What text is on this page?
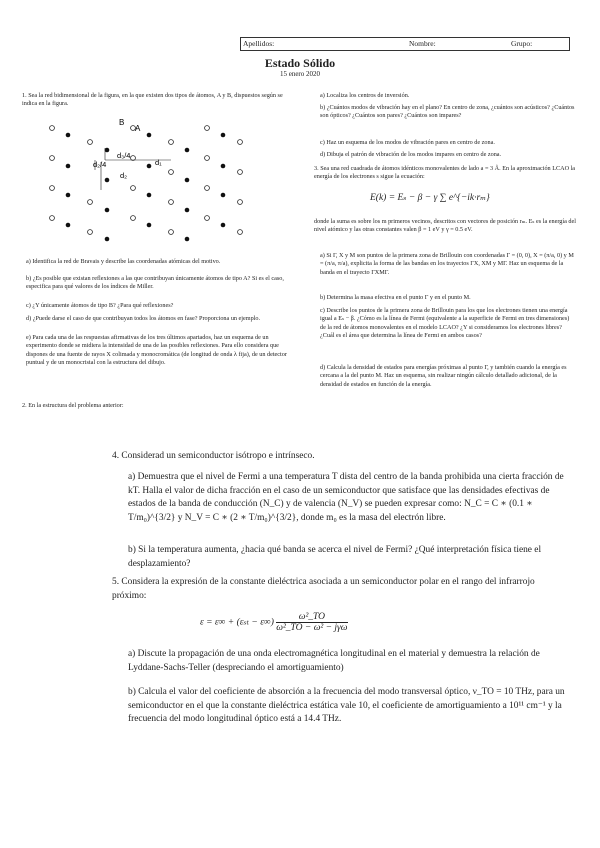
Apellidos:	Nombre:	Grupo:
Estado Sólido
15 enero 2020

1. Sea la red bidimensional de la figura, en la que existen dos tipos de átomos, A y B, dispuestos según se indica en la figura.

B
A
d₃/4
d₂/4	d₁
d₂

a) Identifica la red de Bravais y describe las coordenadas atómicas del motivo.

b) ¿Es posible que existan reflexiones a las que contribuyan únicamente átomos de tipo A? Si es el caso, especifica para qué valores de los índices de Miller.

c) ¿Y únicamente átomos de tipo B? ¿Para qué reflexiones?

d) ¿Puede darse el caso de que contribuyan todos los átomos en fase? Proporciona un ejemplo.

e) Para cada una de las respuestas afirmativas de los tres últimos apartados, haz un esquema de un experimento donde se midiera la intensidad de una de las posibles reflexiones. Para ello considera que dispones de una fuente de rayos X colimada y monocromática (de longitud de onda λ fija), de un detector puntual y de un monocristal con la estructura del dibujo.

2. En la estructura del problema anterior:

a) Localiza los centros de inversión.

b) ¿Cuántos modos de vibración hay en el plano? En centro de zona, ¿cuántos son acústicos? ¿Cuántos son ópticos? ¿Cuántos son pares? ¿Cuántos son impares?

c) Haz un esquema de los modos de vibración pares en centro de zona.

d) Dibuja el patrón de vibración de los modos impares en centro de zona.

3. Sea una red cuadrada de átomos idénticos monovalentes de lado a = 3 Å. En la aproximación LCAO la energía de los electrones s sigue la ecuación:

E(k) = Eₛ − β − γ ∑ e^{−ik·rₘ}

donde la suma es sobre los m primeros vecinos, descritos con vectores de posición rₘ. Eₛ es la energía del nivel atómico y las otras constantes valen β = 1 eV y γ = 0.5 eV.

a) Si Γ, X y M son puntos de la primera zona de Brillouin con coordenadas Γ = (0, 0), X = (π/a, 0) y M = (π/a, π/a), explicita la forma de las bandas en los trayectos ΓX, XM y MΓ. Haz un esquema de la banda en el trayecto ΓXMΓ.

b) Determina la masa efectiva en el punto Γ y en el punto M.

c) Describe los puntos de la primera zona de Brillouin para los que los electrones tienen una energía igual a Eₛ − β. ¿Cómo es la línea de Fermi (equivalente a la superficie de Fermi en tres dimensiones) de la red de átomos monovalentes en el modelo LCAO? ¿Y si consideramos los electrones libres? ¿Cuál es el área que determina la línea de Fermi en ambos casos?

d) Calcula la densidad de estados para energías próximas al punto Γ, y también cuando la energía es cercana a la del punto M. Haz un esquema, sin realizar ningún cálculo detallado adicional, de la densidad de estados en función de la energía.

4. Considerad un semiconductor isótropo e intrínseco.

a) Demuestra que el nivel de Fermi a una temperatura T dista del centro de la banda prohibida una cierta fracción de kT. Halla el valor de dicha fracción en el caso de un semiconductor que satisface que las densidades efectivas de estados de la banda de conducción (N_C) y de valencia (N_V) se pueden expresar como: N_C = C ∗ (0.1 ∗ T/m₀)^{3/2} y N_V = C ∗ (2 ∗ T/m₀)^{3/2}, donde m₀ es la masa del electrón libre.

b) Si la temperatura aumenta, ¿hacia qué banda se acerca el nivel de Fermi? ¿Qué interpretación física tiene el desplazamiento?

5. Considera la expresión de la constante dieléctrica asociada a un semiconductor polar en el rango del infrarrojo próximo:

$\varepsilon = \varepsilon\infty + (\varepsilon_{st} - \varepsilon\infty) \frac{\text{ω²\_TO}}{\text{ω²\_TO − ω² − jγω}}$

a) Discute la propagación de una onda electromagnética longitudinal en el material y demuestra la relación de Lyddane-Sachs-Teller (despreciando el amortiguamiento)

b) Calcula el valor del coeficiente de absorción a la frecuencia del modo transversal óptico, ν_TO = 10 THz, para un semiconductor en el que la constante dieléctrica estática vale 10, el coeficiente de amortiguamiento a 10¹¹ cm⁻¹ y la frecuencia del modo longitudinal óptico está a 14.4 THz.
